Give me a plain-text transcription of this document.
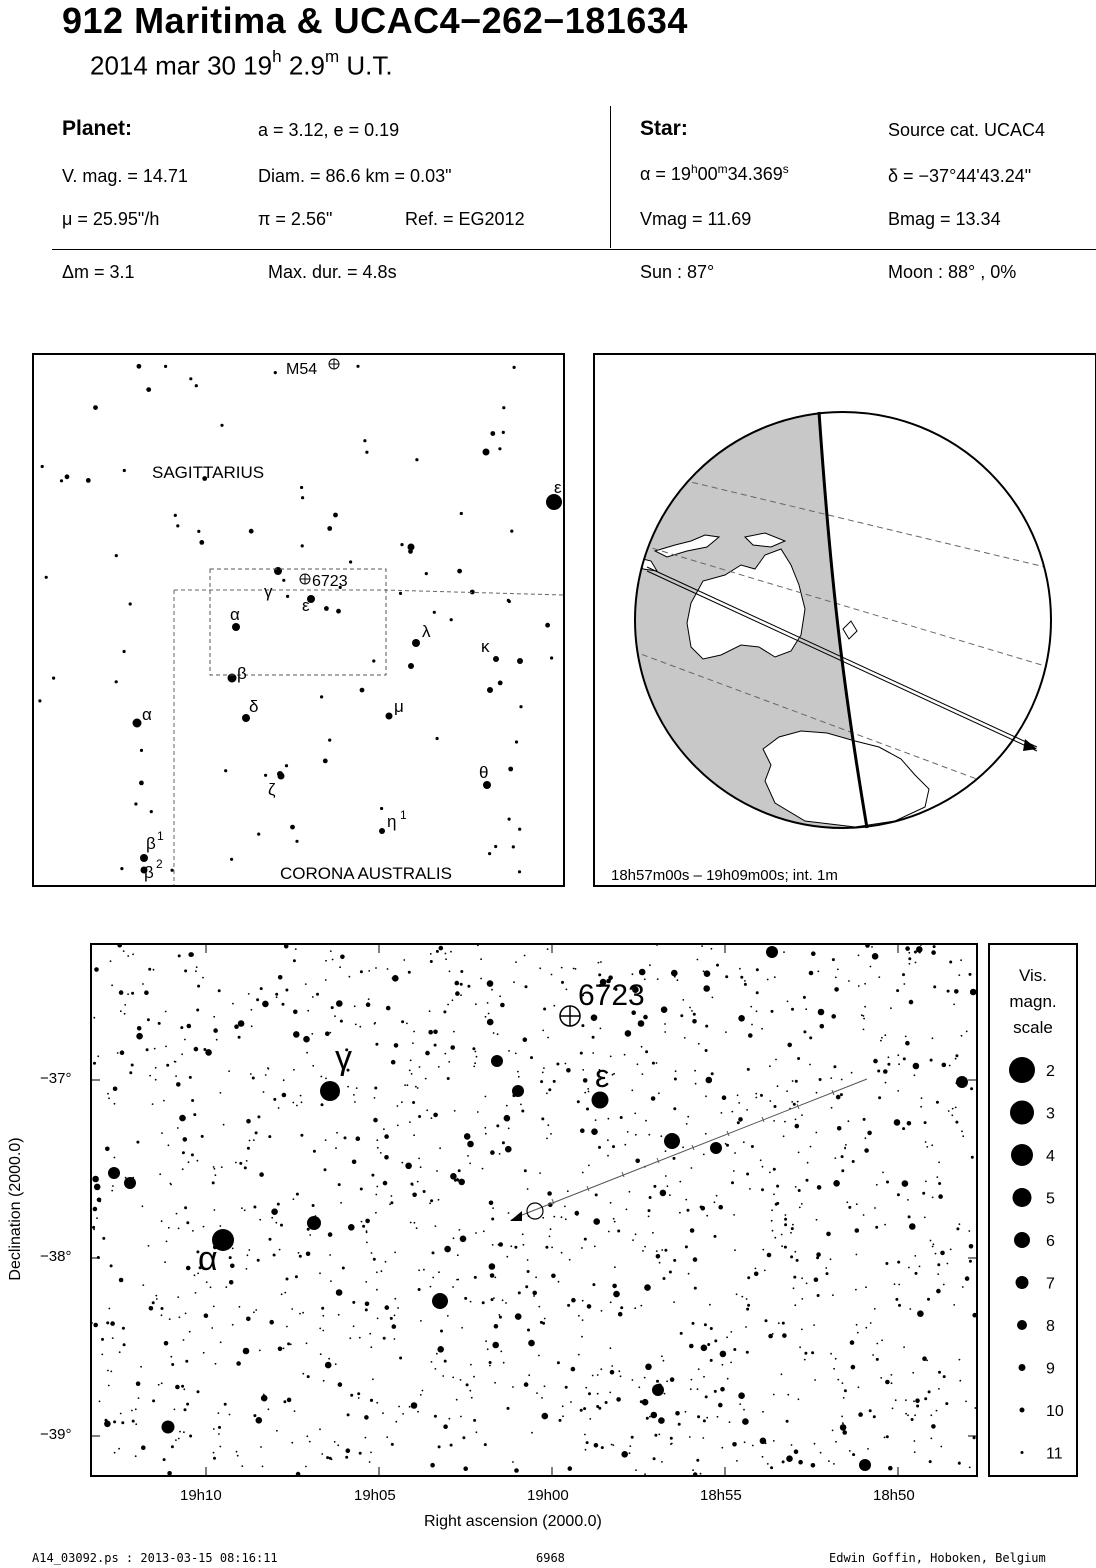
912 Maritima & UCAC4−262−181634
2014 mar 30 19$^h$ 2.9$^m$ U.T.
Planet:	a = 3.12, e = 0.19
V. mag. = 14.71	Diam. = 86.6 km = 0.03"
μ = 25.95"/h	π = 2.56"	Ref. = EG2012
Star:	Source cat. UCAC4
$\alpha = 19^h00^m34.369^s$	δ = −37°44'43.24"
Vmag = 11.69	Bmag = 13.34
Δm = 3.1	Max. dur. = 4.8s	Sun : 87°	Moon : 88° , 0%
SAGITTARIUS
CORONA AUSTRALIS
M54
6723
ε
γ
α	ε
λ
κ
β
δ
α	μ
θ
ζ
η 1
β 1
β 2
18h57m00s – 19h09m00s; int. 1m
Declination (2000.0)
−37°
−38°
−39°
6723
γ	ε
α
19h10	19h05	19h00	18h55	18h50
Right ascension (2000.0)
Vis.
magn.
scale
2
3
4
5
6
7
8
9
10
11
A14_03092.ps : 2013-03-15 08:16:11	6968	Edwin Goffin, Hoboken, Belgium
